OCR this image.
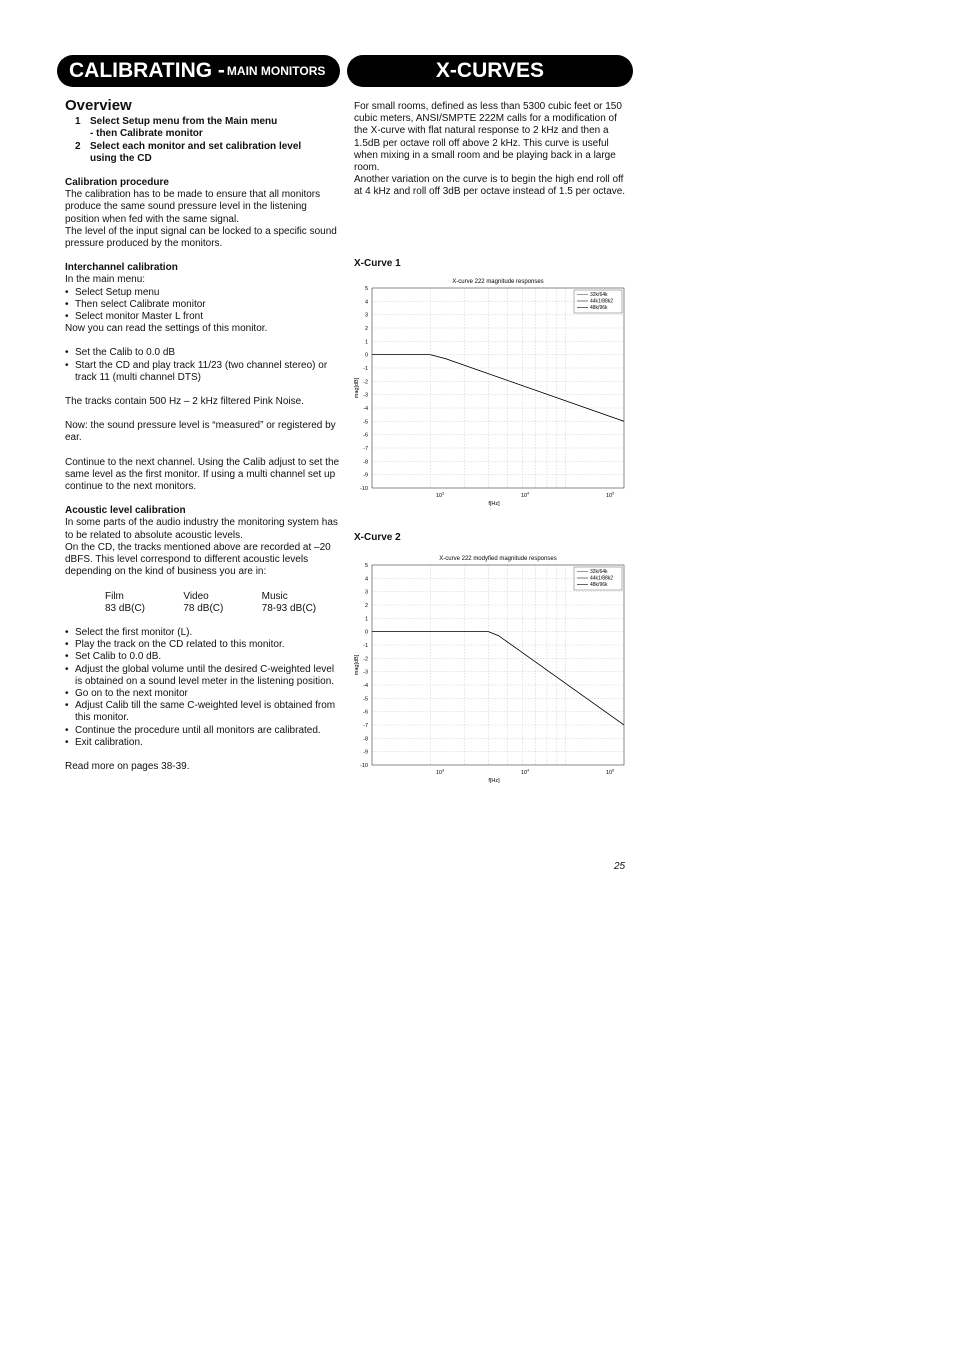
CALIBRATING - MAIN MONITORS	X-CURVES
Overview
1 Select Setup menu from the Main menu
- then Calibrate monitor
2 Select each monitor and set calibration level
using the CD
Calibration procedure

The calibration has to be made to ensure that all monitors produce the same sound pressure level in the listening position when fed with the same signal.

The level of the input signal can be locked to a specific sound pressure produced by the monitors.

Interchannel calibration

In the main menu:

• Select Setup menu
• Then select Calibrate monitor
• Select monitor Master L front

Now you can read the settings of this monitor.

• Set the Calib to 0.0 dB
• Start the CD and play track 11/23 (two channel stereo) or track 11 (multi channel DTS)

The tracks contain 500 Hz – 2 kHz filtered Pink Noise.

Now: the sound pressure level is “measured” or registered by ear.

Continue to the next channel. Using the Calib adjust to set the same level as the first monitor. If using a multi channel set up continue to the next monitors.

Acoustic level calibration

In some parts of the audio industry the monitoring system has to be related to absolute acoustic levels.

On the CD, the tracks mentioned above are recorded at –20 dBFS. This level correspond to different acoustic levels depending on the kind of business you are in:

Film	Video	Music
83 dB(C)	78 dB(C)	78-93 dB(C)
• Select the first monitor (L).
• Play the track on the CD related to this monitor.
• Set Calib to 0.0 dB.
• Adjust the global volume until the desired C-weighted level is obtained on a sound level meter in the listening position.
• Go on to the next monitor
• Adjust Calib till the same C-weighted level is obtained from this monitor.
• Continue the procedure until all monitors are calibrated.
• Exit calibration.

Read more on pages 38-39.

For small rooms, defined as less than 5300 cubic feet or 150 cubic meters, ANSI/SMPTE 222M calls for a modification of the X-curve with flat natural response to 2 kHz and then a 1.5dB per octave roll off above 2 kHz. This curve is useful when mixing in a small room and be playing back in a large room.

Another variation on the curve is to begin the high end roll off at 4 kHz and roll off 3dB per octave instead of 1.5 per octave.

X-Curve 1
X-curve 222 magnitude responses
5
4
3
2
1
0
-1
-2
-3
-4
-5
-6
-7
-8
-9
-10
$10^3$	$10^4$	$10^5$
f[Hz]
mag[dB]
32k/64k
44k1/88k2
48k/96k
X-Curve 2
X-curve 222 modyfied magnitude responses
5
4
3
2
1
0
-1
-2
-3
-4
-5
-6
-7
-8
-9
-10
$10^3$	$10^4$	$10^5$
f[Hz]
mag[dB]
32k/64k
44k1/88k2
48k/96k
25
